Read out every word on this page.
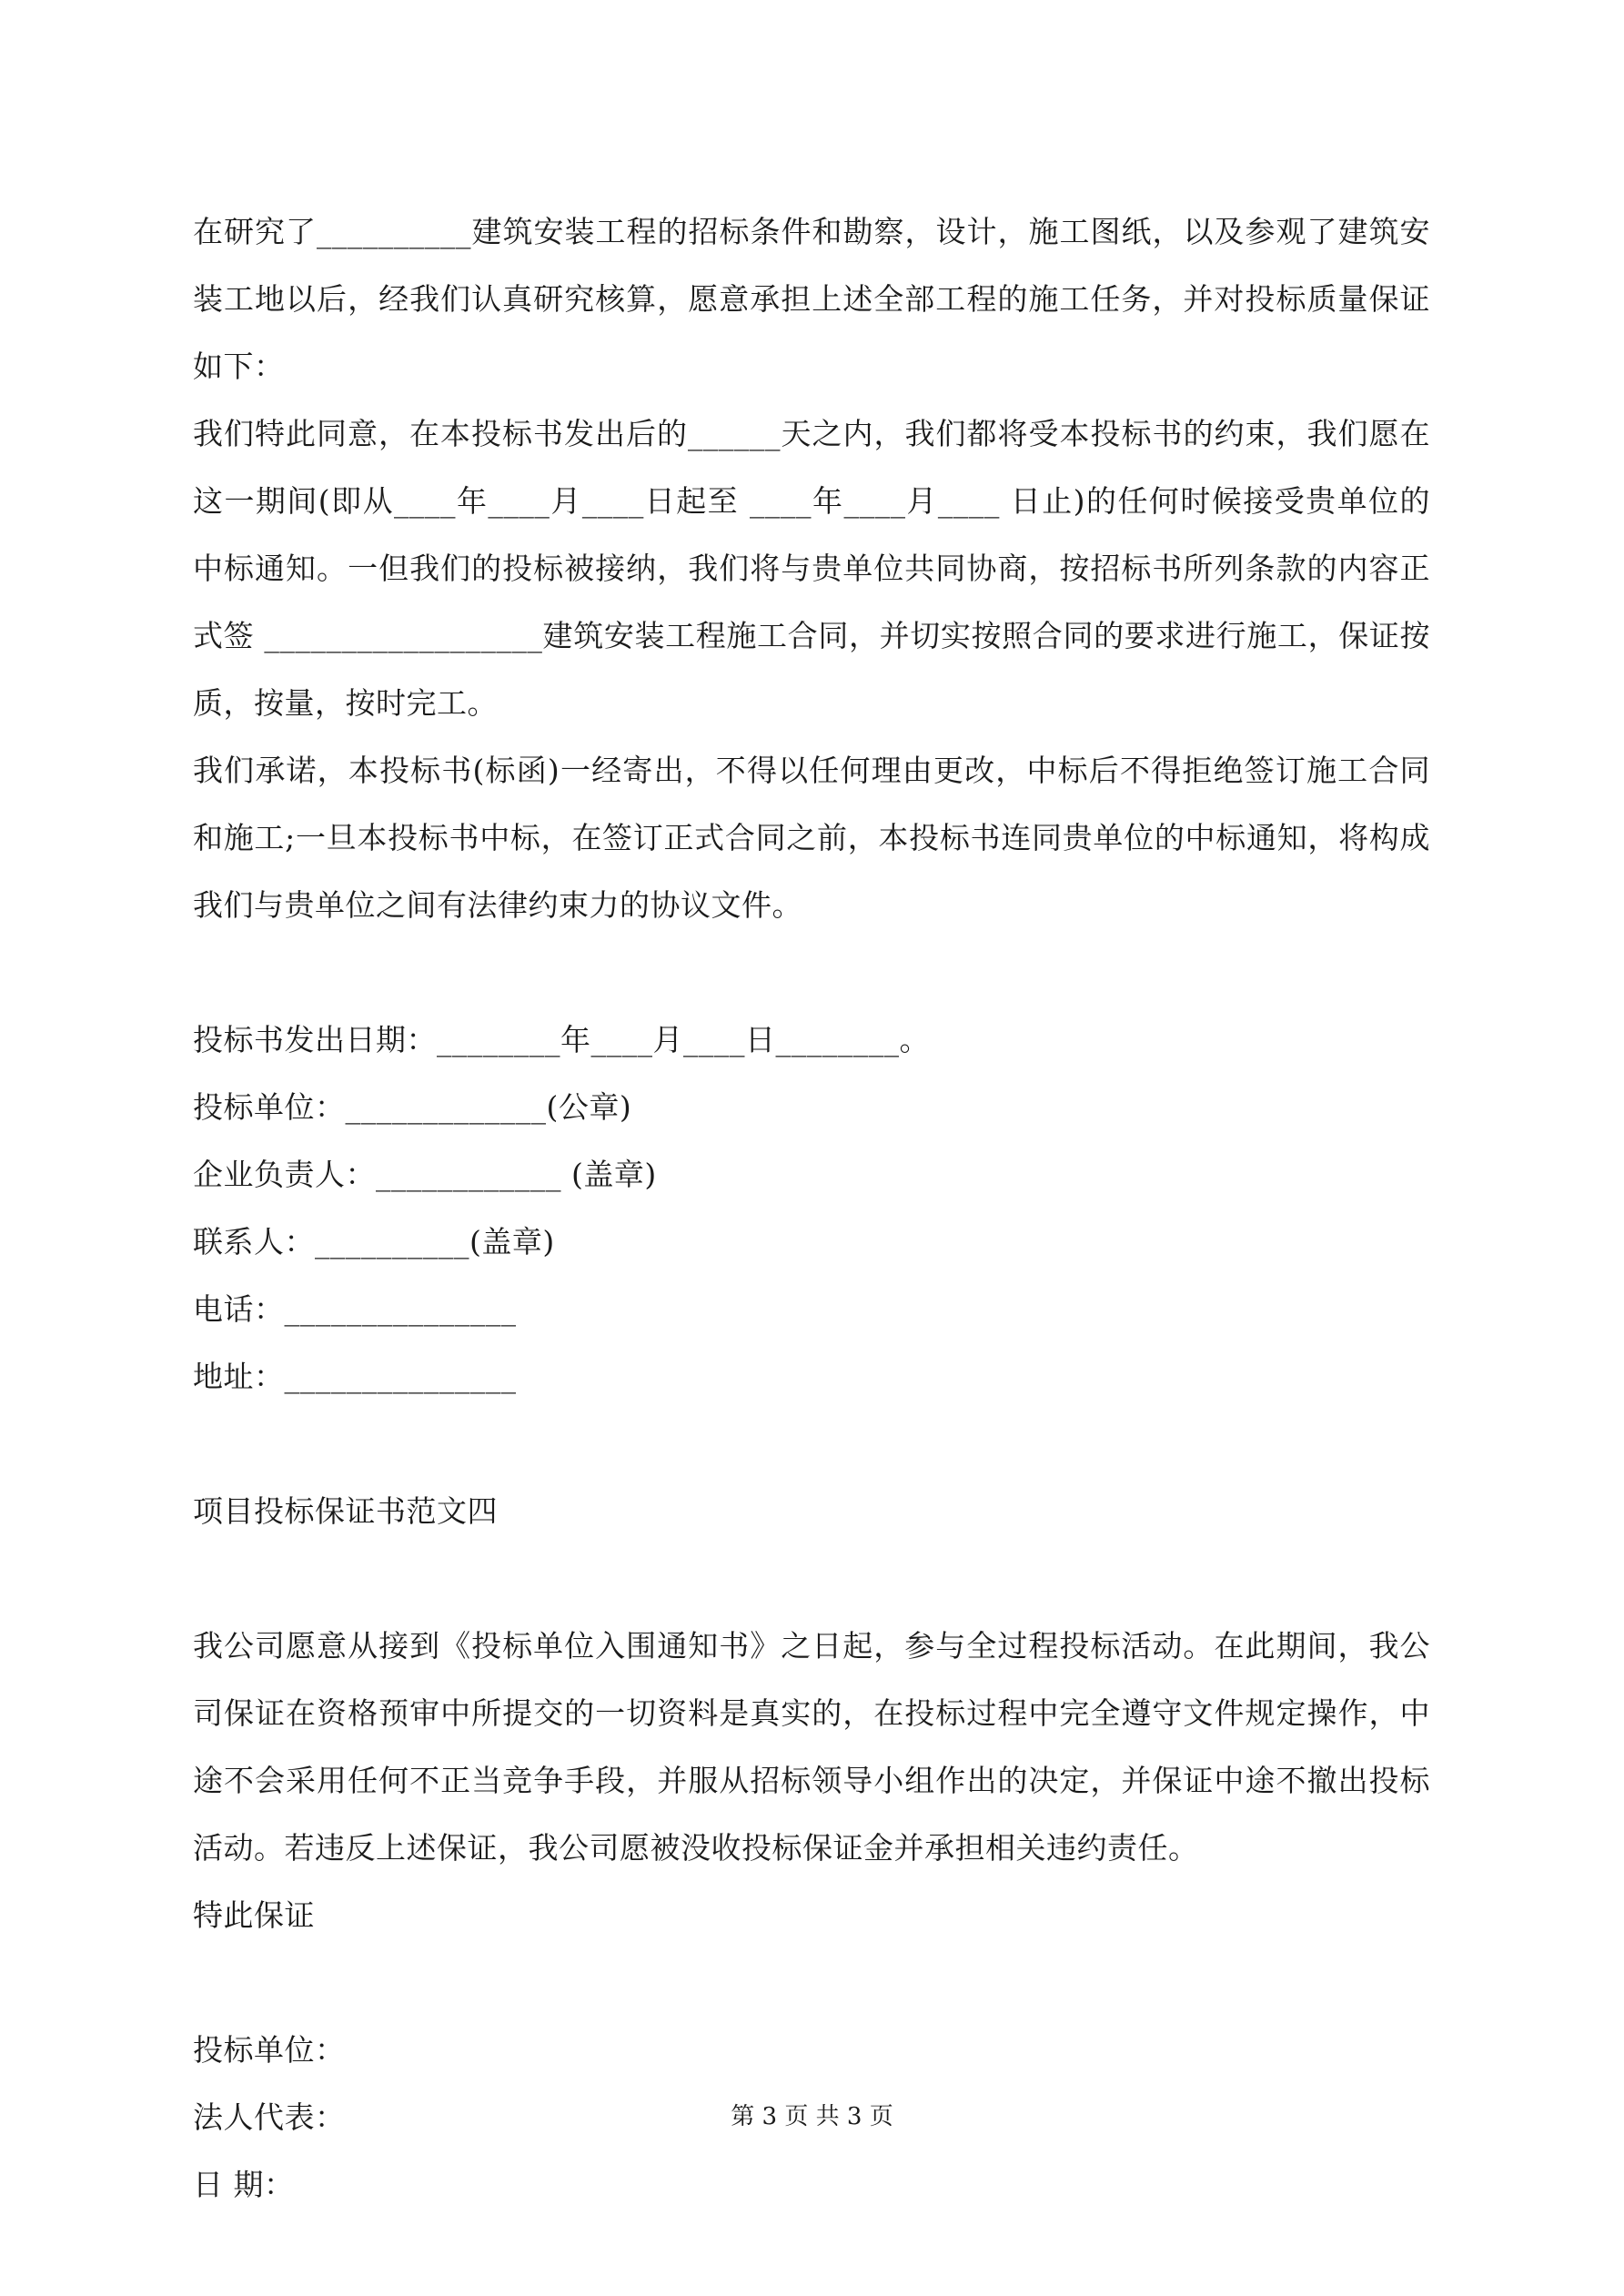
在研究了__________建筑安装工程的招标条件和勘察，设计，施工图纸，以及参观了建筑安装工地以后，经我们认真研究核算，愿意承担上述全部工程的施工任务，并对投标质量保证如下：

我们特此同意，在本投标书发出后的______天之内，我们都将受本投标书的约束，我们愿在这一期间(即从____年____月____日起至 ____年____月____ 日止)的任何时候接受贵单位的中标通知。一但我们的投标被接纳，我们将与贵单位共同协商，按招标书所列条款的内容正式签 __________________建筑安装工程施工合同，并切实按照合同的要求进行施工，保证按质，按量，按时完工。

我们承诺，本投标书(标函)一经寄出，不得以任何理由更改，中标后不得拒绝签订施工合同和施工;一旦本投标书中标，在签订正式合同之前，本投标书连同贵单位的中标通知，将构成我们与贵单位之间有法律约束力的协议文件。

投标书发出日期：________年____月____日________。

投标单位：_____________(公章)

企业负责人：____________ (盖章)

联系人：__________(盖章)

电话：_______________

地址：_______________

项目投标保证书范文四

我公司愿意从接到《投标单位入围通知书》之日起，参与全过程投标活动。在此期间，我公司保证在资格预审中所提交的一切资料是真实的，在投标过程中完全遵守文件规定操作，中途不会采用任何不正当竞争手段，并服从招标领导小组作出的决定，并保证中途不撤出投标活动。若违反上述保证，我公司愿被没收投标保证金并承担相关违约责任。

特此保证

投标单位：

法人代表：

日 期：

第 3 页 共 3 页
